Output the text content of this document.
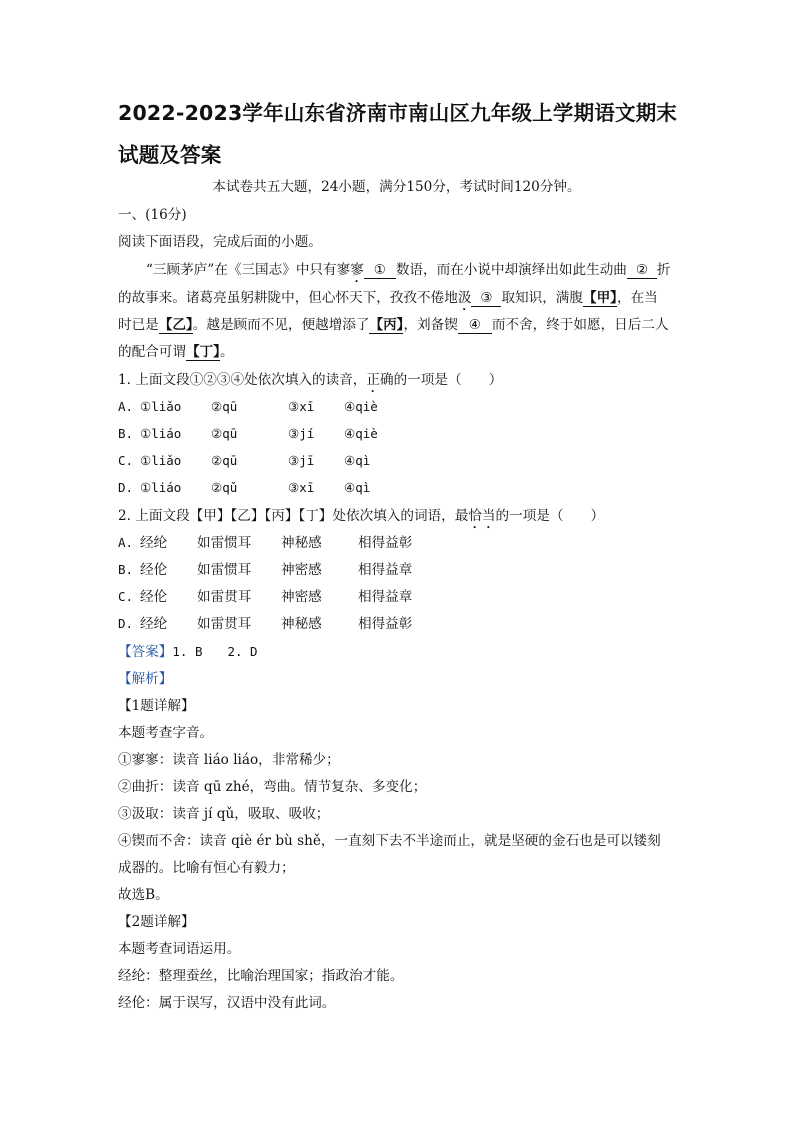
2022-2023学年山东省济南市南山区九年级上学期语文期末试题及答案
本试卷共五大题，24小题，满分150分，考试时间120分钟。
一、(16分)
阅读下面语段，完成后面的小题。
“三顾茅庐”在《三国志》中只有寥寥 ① 数语，而在小说中却演绎出如此生动曲 ② 折
的故事来。诸葛亮虽躬耕陇中，但心怀天下，孜孜不倦地汲 ③ 取知识，满腹【甲】，在当
时已是【乙】。越是顾而不见，便越增添了【丙】，刘备锲 ④ 而不舍，终于如愿，日后二人
的配合可谓【丁】。
1. 上面文段①②③④处依次填入的读音，正确的一项是（　　）
A. ①liǎo ②qū	③xī ④qiè
B. ①liáo ②qū	③jí ④qiè
C. ①liǎo ②qū	③jī ④qì
D. ①liáo ②qǔ	③xī ④qì
2. 上面文段【甲】【乙】【丙】【丁】处依次填入的词语，最恰当的一项是（　　）
A. 经纶 如雷惯耳 神秘感	相得益彰
B. 经伦 如雷惯耳 神密感	相得益章
C. 经伦 如雷贯耳 神密感	相得益章
D. 经纶 如雷贯耳 神秘感	相得益彰
【答案】1. B　　2. D
【解析】
【1题详解】
本题考查字音。
①寥寥：读音 liáo liáo，非常稀少；
②曲折：读音 qū zhé，弯曲。情节复杂、多变化；
③汲取：读音 jí qǔ，吸取、吸收；
④锲而不舍：读音 qiè ér bù shě，一直刻下去不半途而止，就是坚硬的金石也是可以镂刻
成器的。比喻有恒心有毅力；
故选B。
【2题详解】
本题考查词语运用。
经纶：整理蚕丝，比喻治理国家；指政治才能。
经伦：属于误写，汉语中没有此词。
